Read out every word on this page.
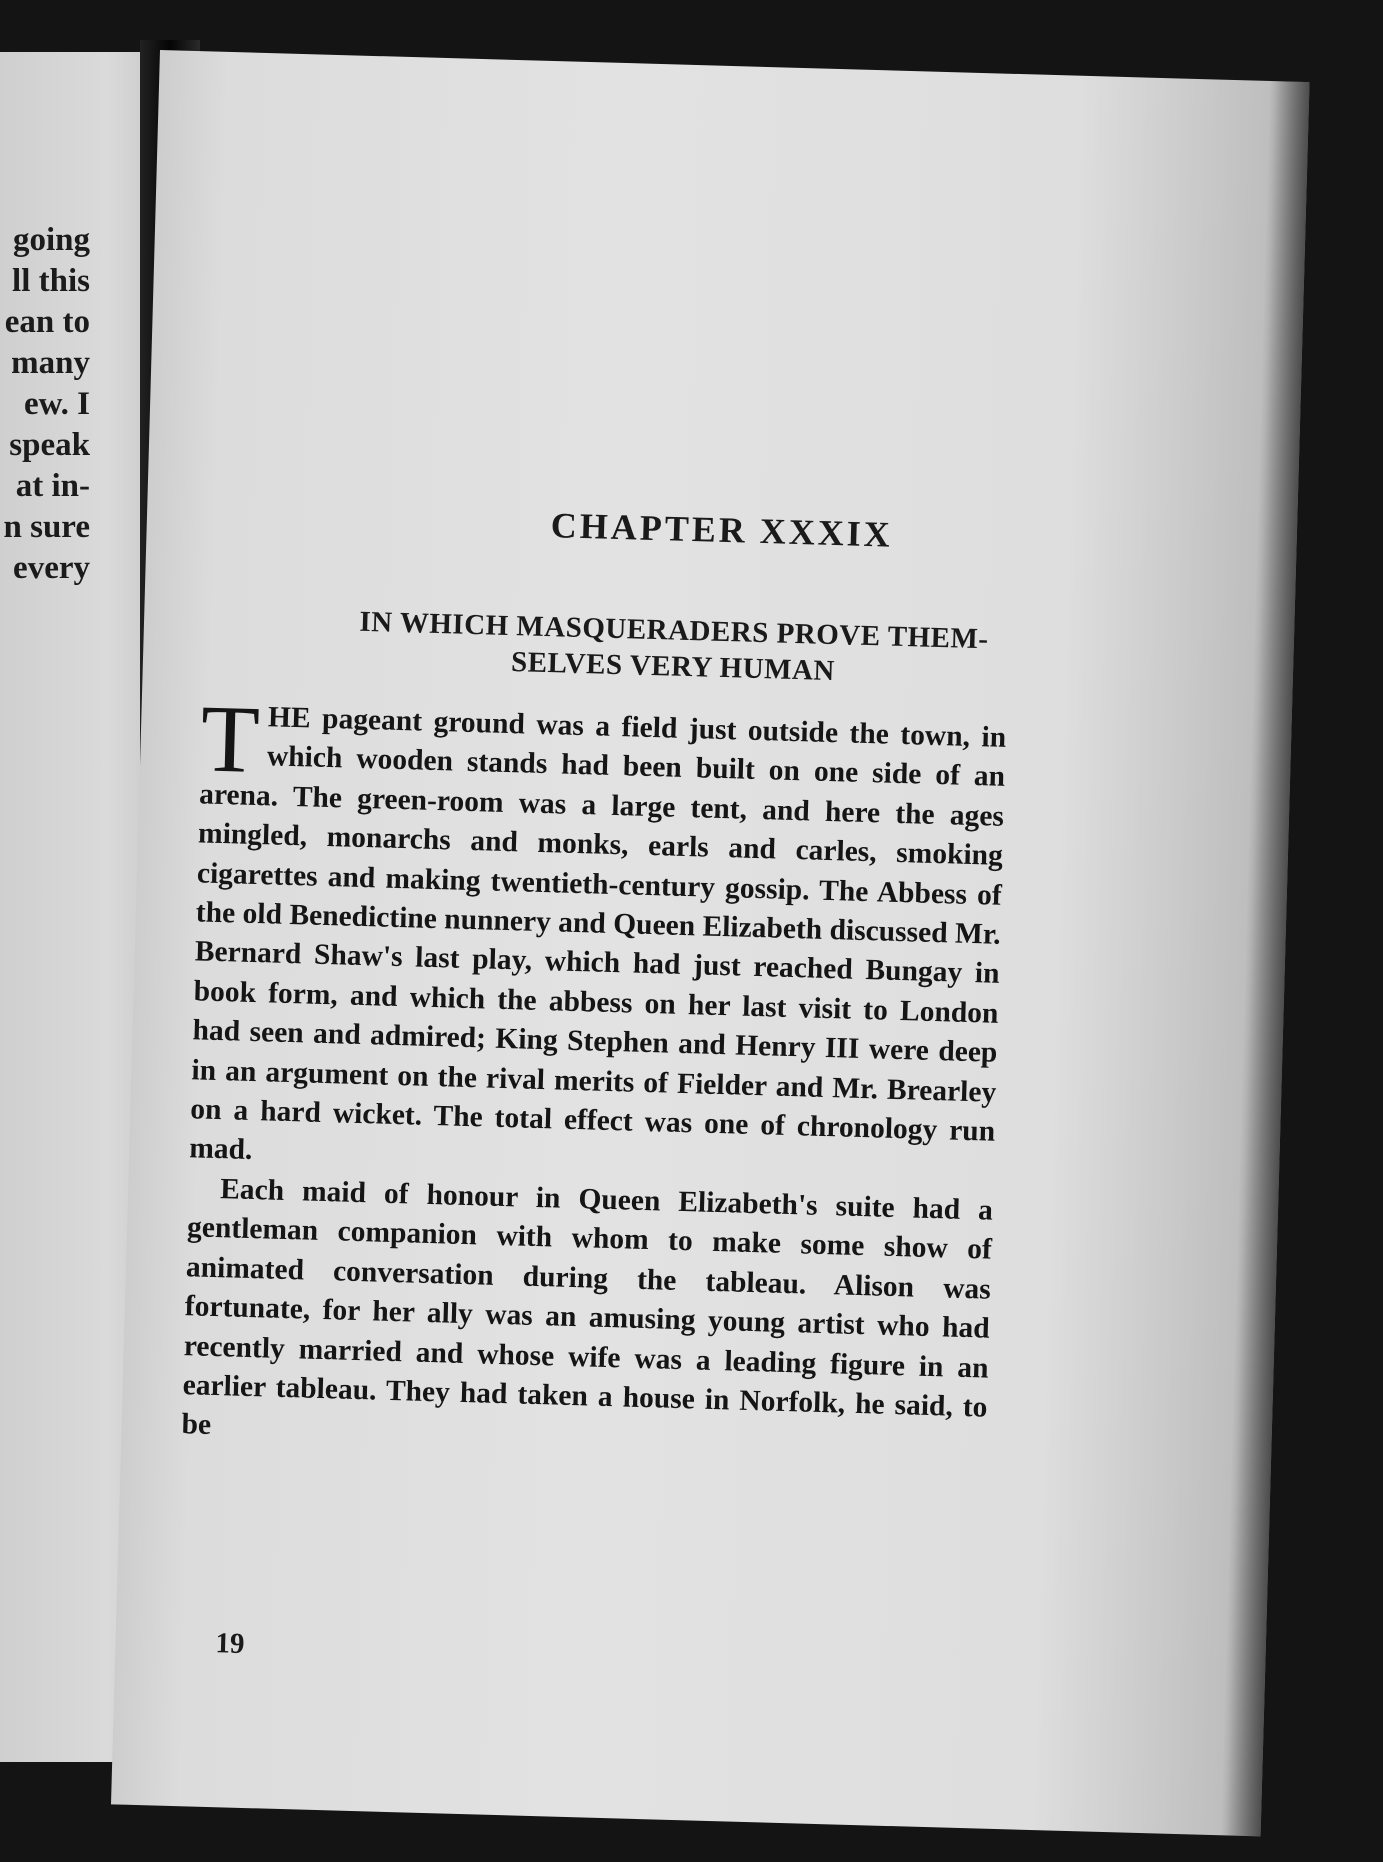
going
ll this
ean to
many
ew. I
speak
at in-
n sure
every
CHAPTER XXXIX
IN WHICH MASQUERADERS PROVE THEM-
SELVES VERY HUMAN

THE pageant ground was a field just outside the town, in which wooden stands had been built on one side of an arena. The green-room was a large tent, and here the ages mingled, monarchs and monks, earls and carles, smoking cigarettes and making twentieth-century gossip. The Abbess of the old Benedictine nunnery and Queen Elizabeth discussed Mr. Bernard Shaw's last play, which had just reached Bungay in book form, and which the abbess on her last visit to London had seen and admired; King Stephen and Henry III were deep in an argument on the rival merits of Fielder and Mr. Brearley on a hard wicket. The total effect was one of chronology run mad.

Each maid of honour in Queen Elizabeth's suite had a gentleman companion with whom to make some show of animated conversation during the tableau. Alison was fortunate, for her ally was an amusing young artist who had recently married and whose wife was a leading figure in an earlier tableau. They had taken a house in Norfolk, he said, to be

19
